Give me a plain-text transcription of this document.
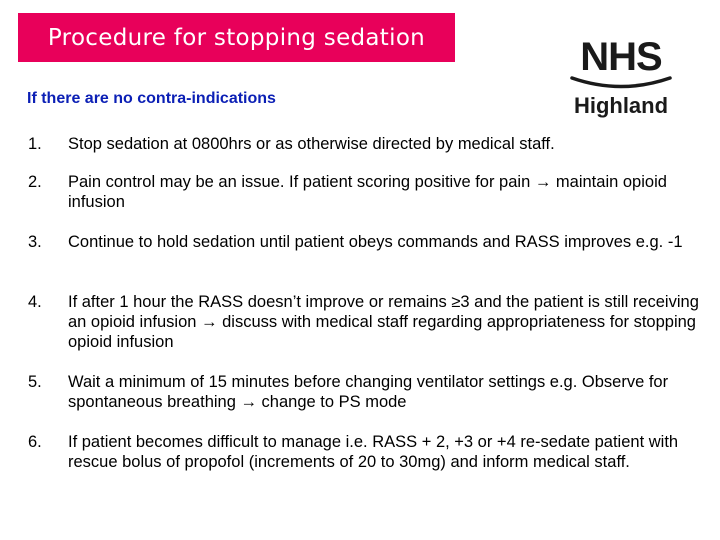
Procedure for stopping sedation
If there are no contra-indications
NHS
Highland
1.	Stop sedation at 0800hrs or as otherwise directed by medical staff.
2.	Pain control may be an issue. If patient scoring positive for pain → maintain opioid infusion
3.	Continue to hold sedation until patient obeys commands and RASS improves e.g. -1
4.	If after 1 hour the RASS doesn’t improve or remains ≥3 and the patient is still receiving an opioid infusion → discuss with medical staff regarding appropriateness for stopping opioid infusion
5.	Wait a minimum of 15 minutes before changing ventilator settings e.g. Observe for spontaneous breathing → change to PS mode
6.	If patient becomes difficult to manage i.e. RASS + 2, +3 or +4 re-sedate patient with rescue bolus of propofol (increments of 20 to 30mg) and inform medical staff.
